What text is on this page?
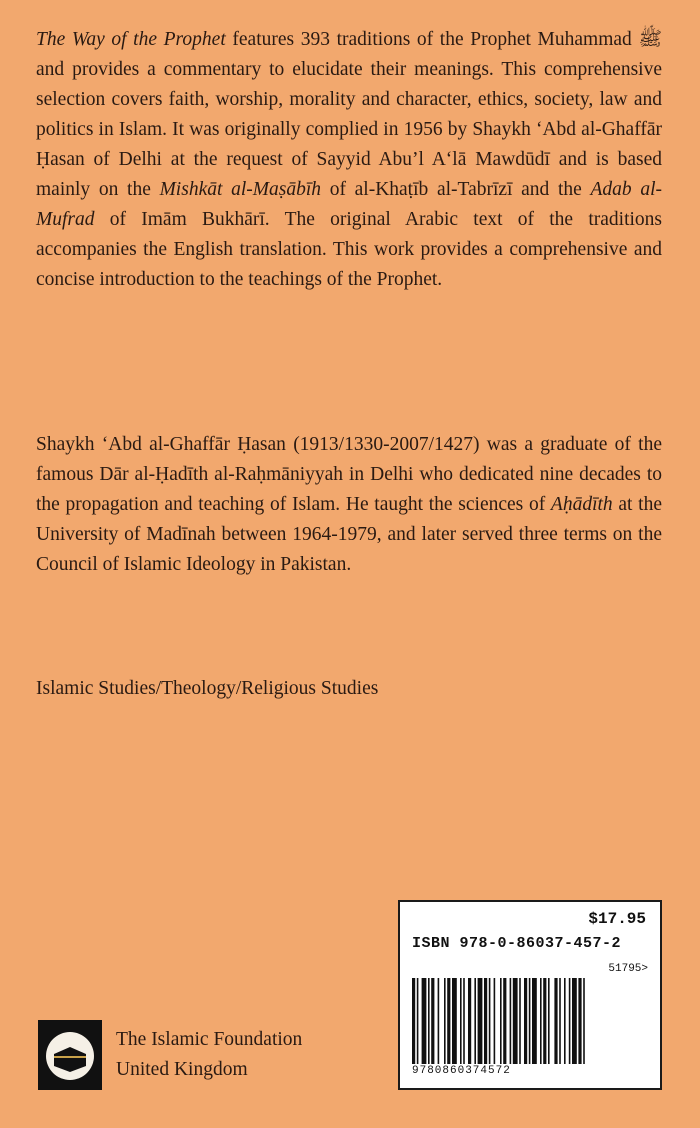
The Way of the Prophet features 393 traditions of the Prophet Muhammad ﷺ and provides a commentary to elucidate their meanings. This comprehensive selection covers faith, worship, morality and character, ethics, society, law and politics in Islam. It was originally complied in 1956 by Shaykh ‘Abd al-Ghaffār Ḥasan of Delhi at the request of Sayyid Abu’l A‘lā Mawdūdī and is based mainly on the Mishkāt al-Maṣābīh of al-Khaṭīb al-Tabrīzī and the Adab al-Mufrad of Imām Bukhārī. The original Arabic text of the traditions accompanies the English translation. This work provides a comprehensive and concise introduction to the teachings of the Prophet.

Shaykh ‘Abd al-Ghaffār Ḥasan (1913/1330-2007/1427) was a graduate of the famous Dār al-Ḥadīth al-Raḥmāniyyah in Delhi who dedicated nine decades to the propagation and teaching of Islam. He taught the sciences of Aḥādīth at the University of Madīnah between 1964-1979, and later served three terms on the Council of Islamic Ideology in Pakistan.

Islamic Studies/Theology/Religious Studies
$17.95
ISBN 978-0-86037-457-2
51795>
9780860374572
The Islamic Foundation
United Kingdom
